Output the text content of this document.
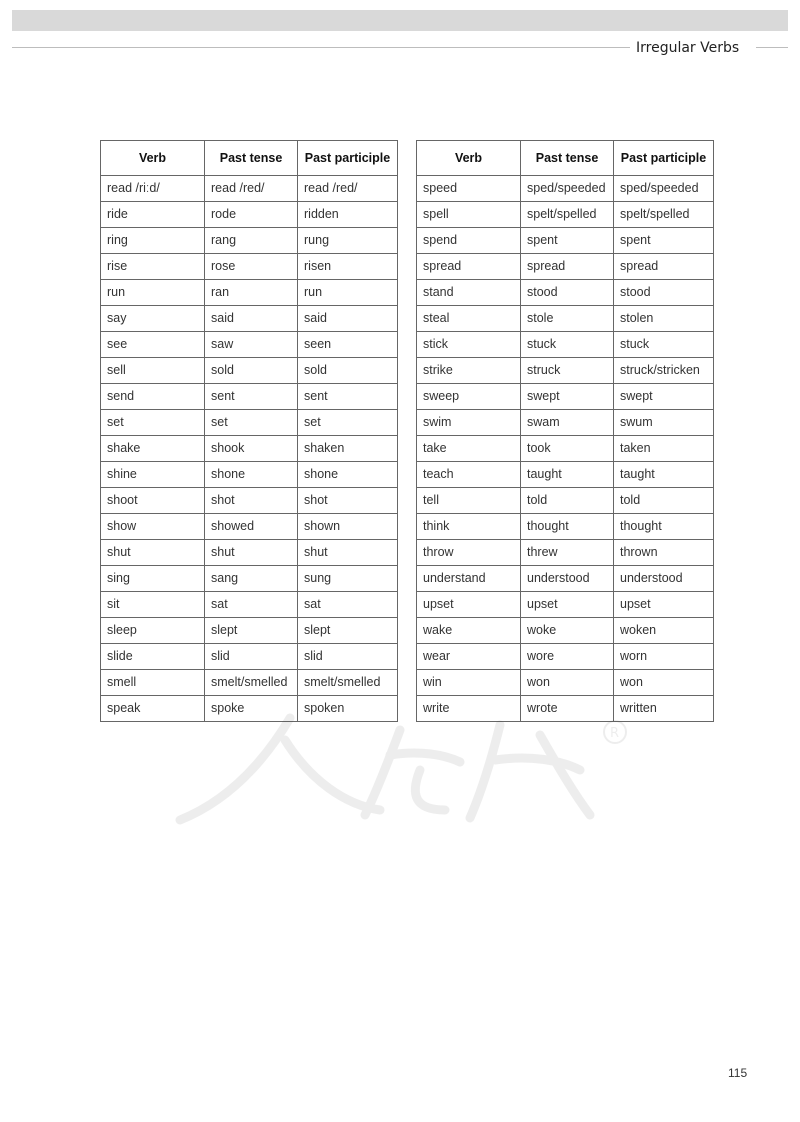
Irregular Verbs
Verb	Past tense	Past participle
read /riːd/	read /red/	read /red/
ride	rode	ridden
ring	rang	rung
rise	rose	risen
run	ran	run
say	said	said
see	saw	seen
sell	sold	sold
send	sent	sent
set	set	set
shake	shook	shaken
shine	shone	shone
shoot	shot	shot
show	showed	shown
shut	shut	shut
sing	sang	sung
sit	sat	sat
sleep	slept	slept
slide	slid	slid
smell	smelt/smelled	smelt/smelled
speak	spoke	spoken
Verb	Past tense	Past participle
speed	sped/speeded	sped/speeded
spell	spelt/spelled	spelt/spelled
spend	spent	spent
spread	spread	spread
stand	stood	stood
steal	stole	stolen
stick	stuck	stuck
strike	struck	struck/stricken
sweep	swept	swept
swim	swam	swum
take	took	taken
teach	taught	taught
tell	told	told
think	thought	thought
throw	threw	thrown
understand	understood	understood
upset	upset	upset
wake	woke	woken
wear	wore	worn
win	won	won
write	wrote	written
R
115
